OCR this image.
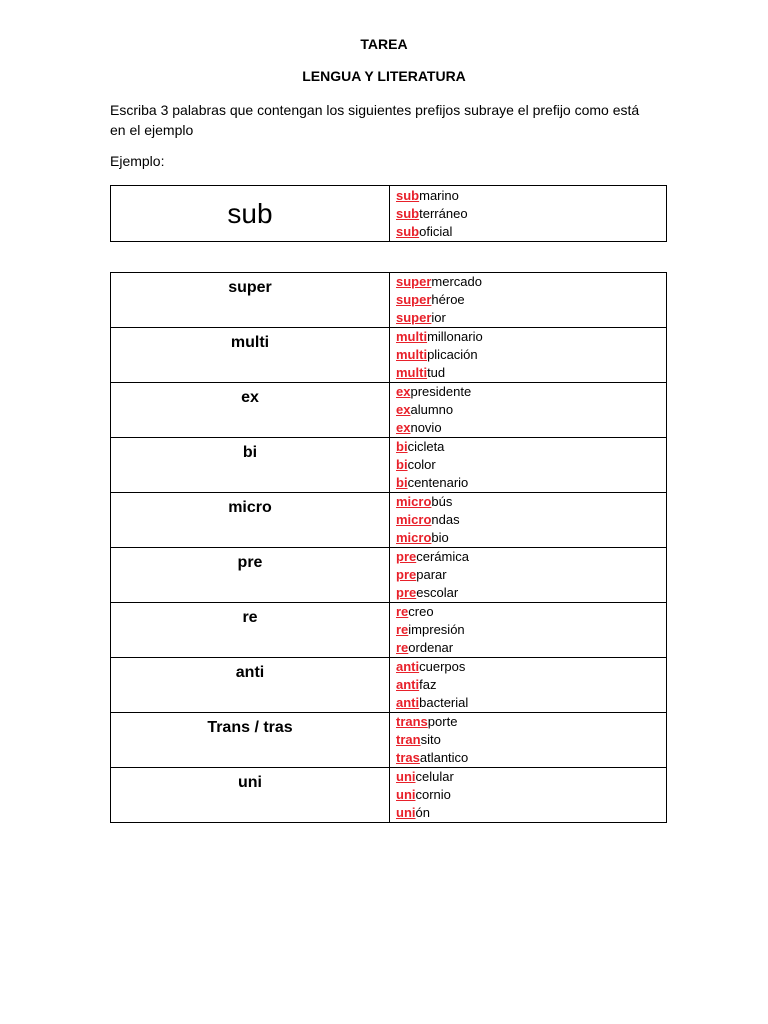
TAREA
LENGUA Y LITERATURA
Escriba 3 palabras que contengan los siguientes prefijos subraye el prefijo como está en el ejemplo
Ejemplo:
sub

submarino
subterráneo
suboficial
super	supermercado
superhéroe
superior

multi	multimillonario
multiplicación
multitud

ex	expresidente
exalumno
exnovio

bi	bicicleta
bicolor
bicentenario

micro	microbús
microndas
microbio

pre	precerámica
preparar
preescolar

re	recreo
reimpresión
reordenar

anti	anticuerpos
antifaz
antibacterial

Trans / tras	transporte
transito
trasatlantico

uni	unicelular
unicornio
unión
